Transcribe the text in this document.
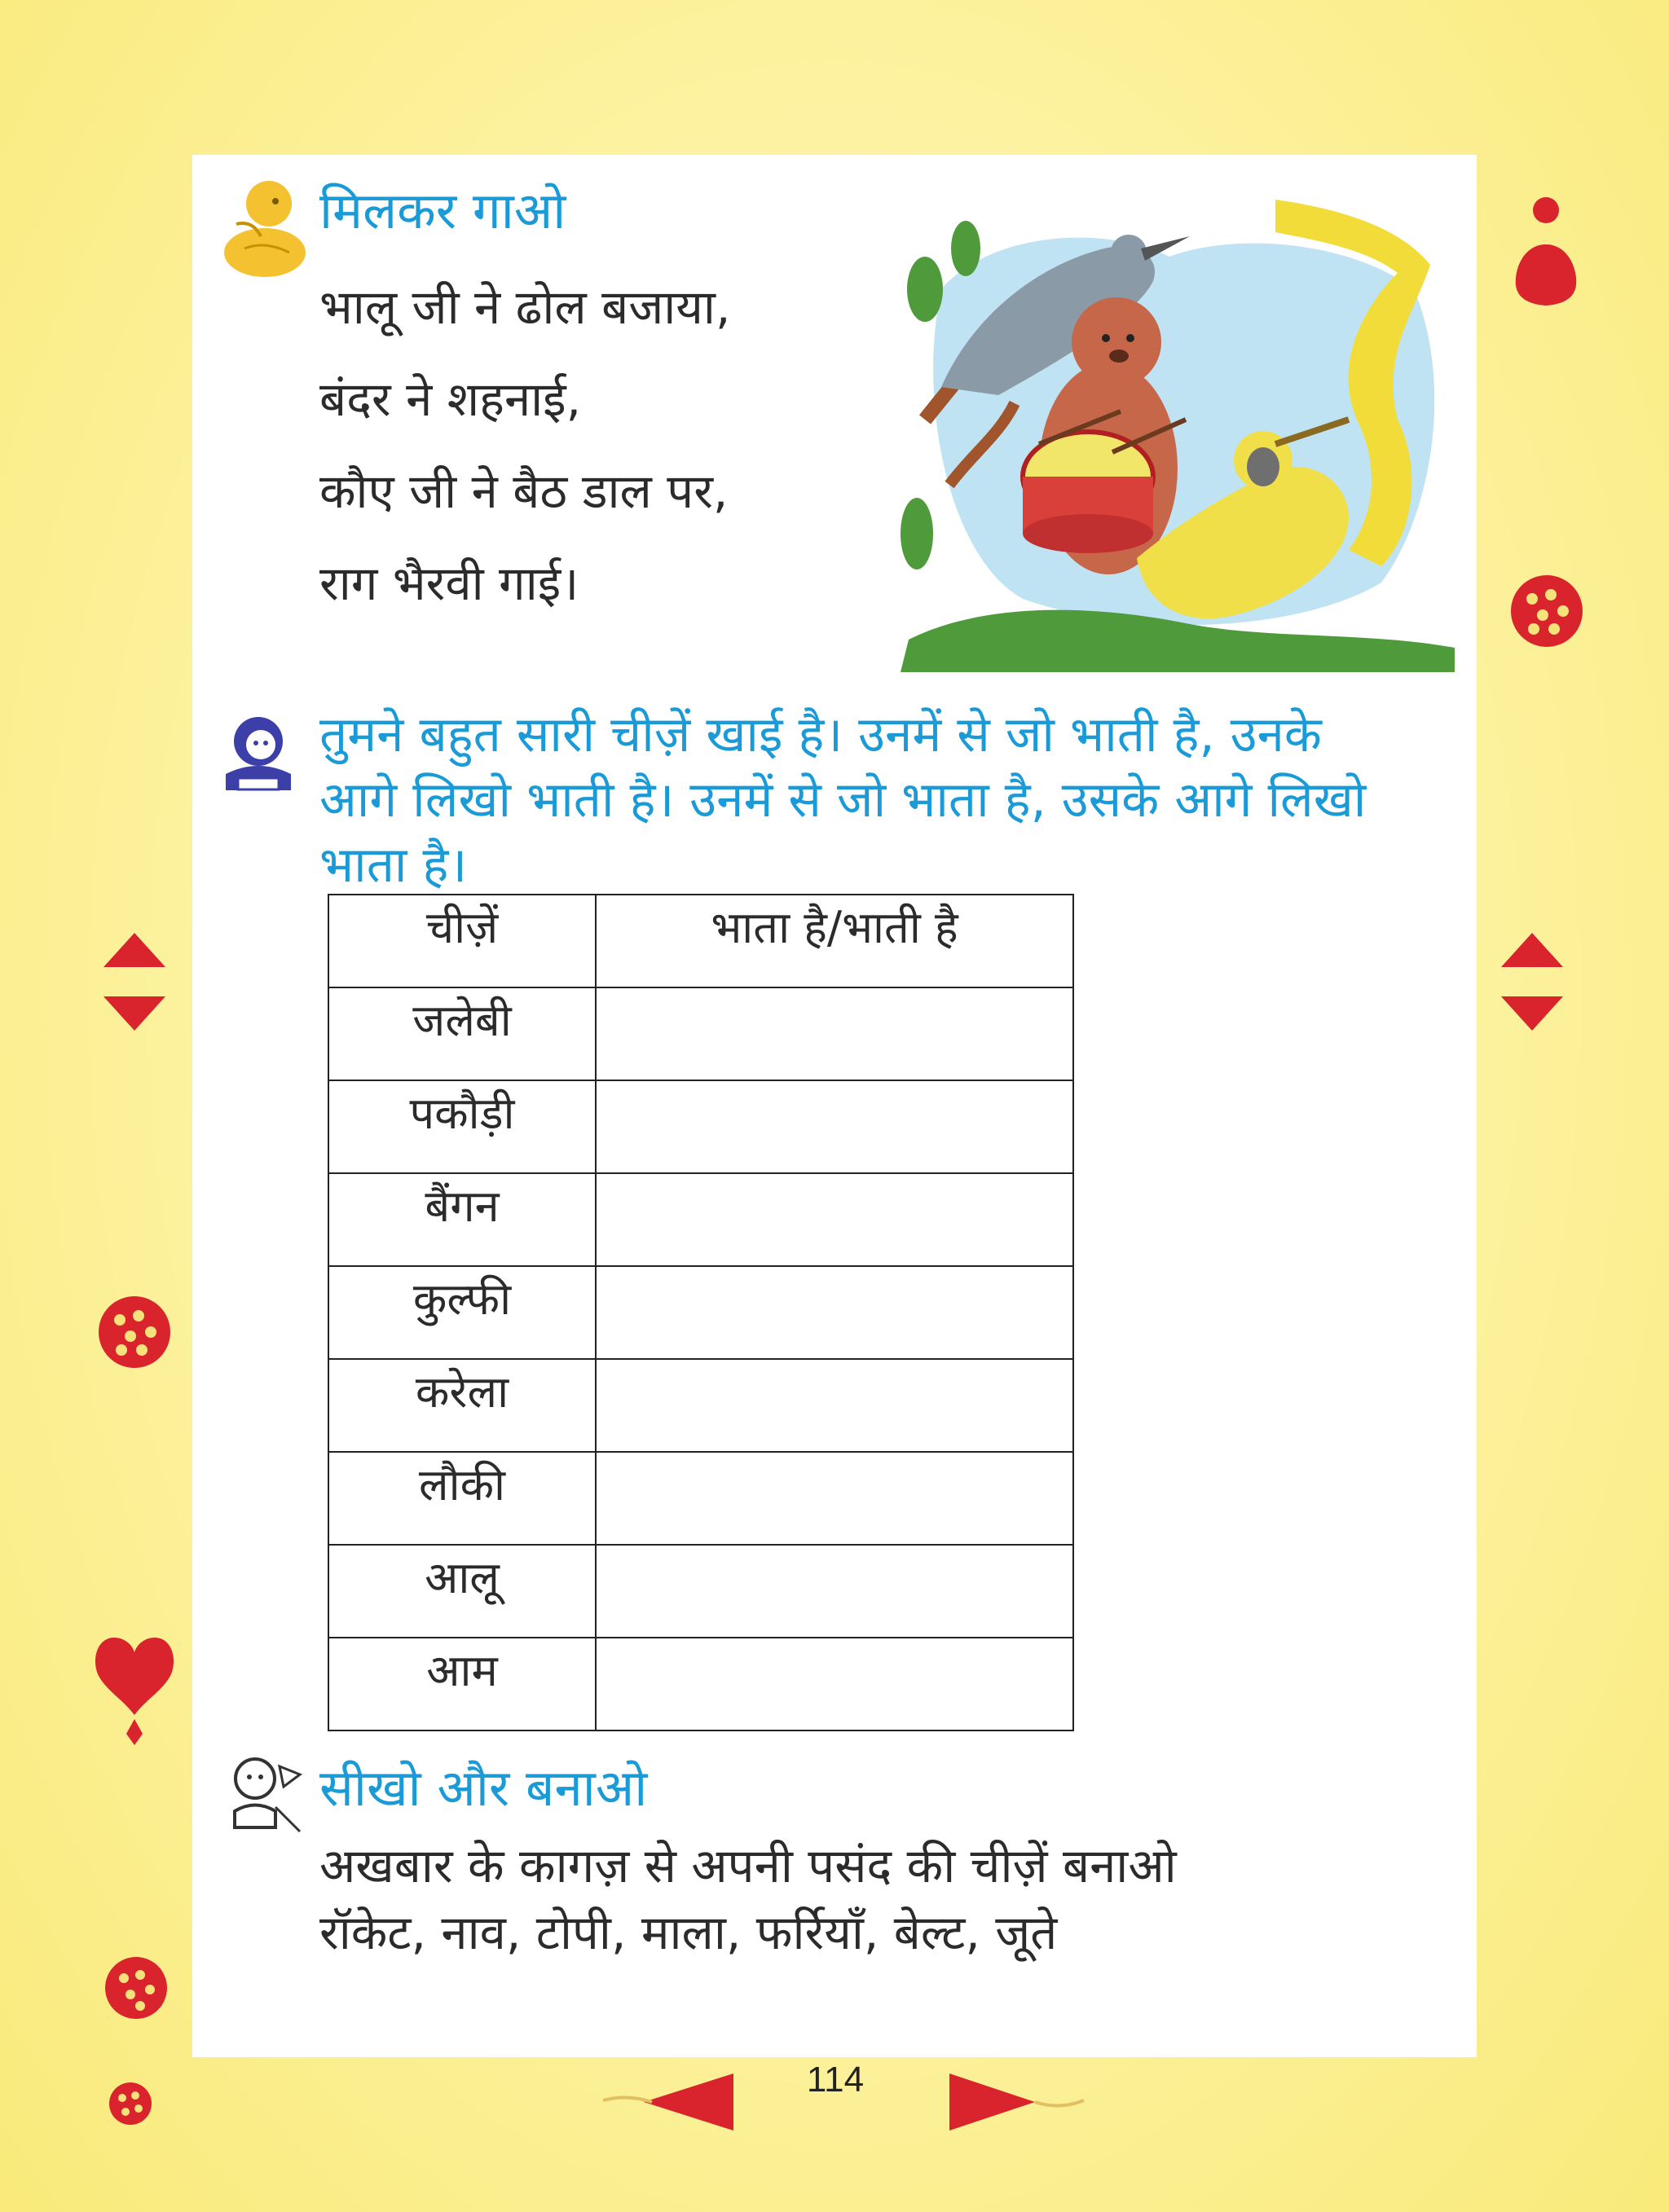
मिलकर गाओ
भालू जी ने ढोल बजाया,
बंदर ने शहनाई,
कौए जी ने बैठ डाल पर,
राग भैरवी गाई।
तुमने बहुत सारी चीज़ें खाई है। उनमें से जो भाती है, उनके
आगे लिखो भाती है। उनमें से जो भाता है, उसके आगे लिखो
भाता है।
चीज़ें	भाता है/भाती है
जलेबी	
पकौड़ी	
बैंगन	
कुल्फी	
करेला	
लौकी	
आलू	
आम	
सीखो और बनाओ
अखबार के कागज़ से अपनी पसंद की चीज़ें बनाओ
रॉकेट, नाव, टोपी, माला, फर्रियाँ, बेल्ट, जूते
114
